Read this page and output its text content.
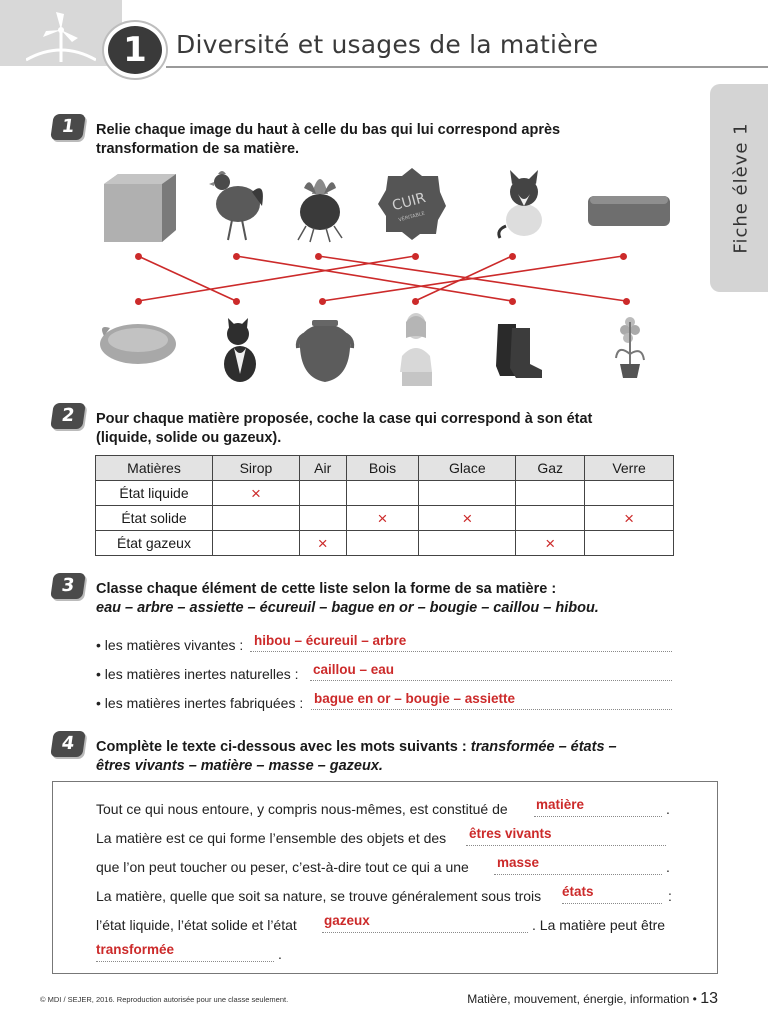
1	Diversité et usages de la matière
Fiche élève 1
1	Relie chaque image du haut à celle du bas qui lui correspond après
transformation de sa matière.
CUIR
VÉRITABLE
2	Pour chaque matière proposée, coche la case qui correspond à son état
(liquide, solide ou gazeux).
Matières	Sirop	Air	Bois	Glace	Gaz	Verre
État liquide	×					
État solide			×	×		×
État gazeux		×			×	
3	Classe chaque élément de cette liste selon la forme de sa matière :
eau – arbre – assiette – écureuil – bague en or – bougie – caillou – hibou.
• les matières vivantes : hibou – écureuil – arbre
• les matières inertes naturelles : caillou – eau
• les matières inertes fabriquées : bague en or – bougie – assiette
4	Complète le texte ci-dessous avec les mots suivants : transformée – états –
êtres vivants – matière – masse – gazeux.
Tout ce qui nous entoure, y compris nous-mêmes, est constitué de matière	.
La matière est ce qui forme l’ensemble des objets et des êtres vivants
que l’on peut toucher ou peser, c’est-à-dire tout ce qui a une masse	.
La matière, quelle que soit sa nature, se trouve généralement sous trois états	:
l’état liquide, l’état solide et l’état gazeux	. La matière peut être
transformée	.
© MDI / SEJER, 2016. Reproduction autorisée pour une classe seulement.	Matière, mouvement, énergie, information • 13
